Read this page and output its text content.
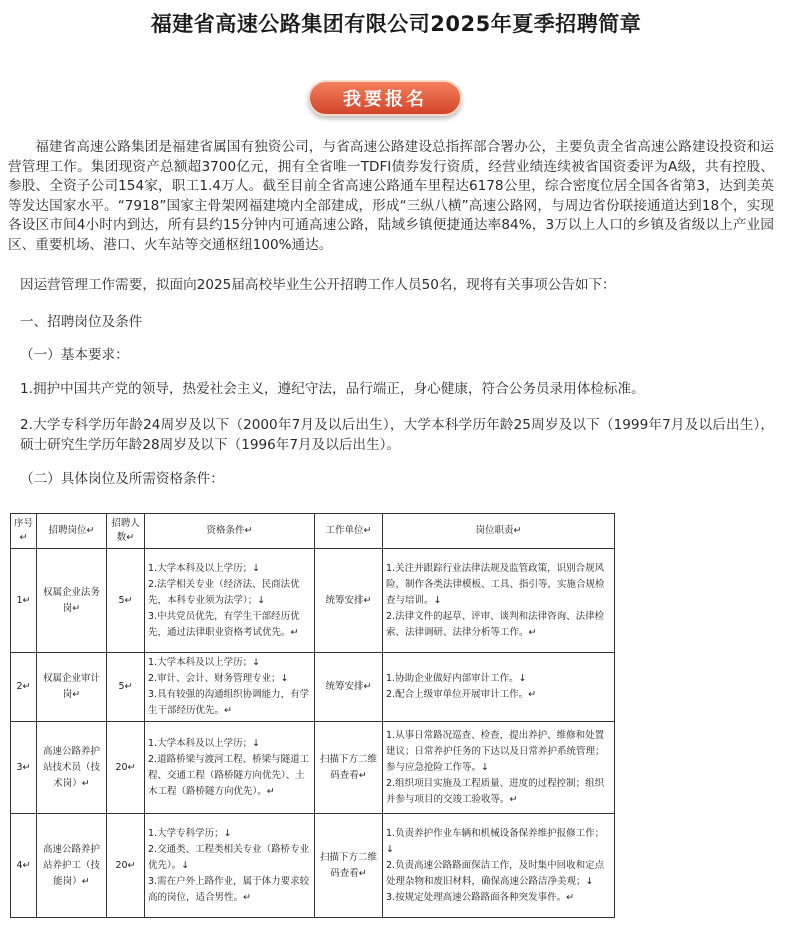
福建省高速公路集团有限公司2025年夏季招聘简章
我要报名

福建省高速公路集团是福建省属国有独资公司，与省高速公路建设总指挥部合署办公，主要负责全省高速公路建设投资和运营管理工作。集团现资产总额超3700亿元，拥有全省唯一TDFI债券发行资质，经营业绩连续被省国资委评为A级，共有控股、参股、全资子公司154家，职工1.4万人。截至目前全省高速公路通车里程达6178公里，综合密度位居全国各省第3，达到美英等发达国家水平。“7918”国家主骨架网福建境内全部建成，形成“三纵八横”高速公路网，与周边省份联接通道达到18个，实现各设区市间4小时内到达，所有县约15分钟内可通高速公路，陆域乡镇便捷通达率84%，3万以上人口的乡镇及省级以上产业园区、重要机场、港口、火车站等交通枢纽100%通达。

因运营管理工作需要，拟面向2025届高校毕业生公开招聘工作人员50名，现将有关事项公告如下：
一、招聘岗位及条件
（一）基本要求：
1.拥护中国共产党的领导，热爱社会主义，遵纪守法，品行端正，身心健康，符合公务员录用体检标准。

2.大学专科学历年龄24周岁及以下（2000年7月及以后出生），大学本科学历年龄25周岁及以下（1999年7月及以后出生），硕士研究生学历年龄28周岁及以下（1996年7月及以后出生）。

（二）具体岗位及所需资格条件：
序号↵	招聘岗位↵	招聘人数↵	资格条件↵	工作单位↵	岗位职责↵
1↵	权属企业法务岗↵	5↵	1.大学本科及以上学历；↓
2.法学相关专业（经济法、民商法优先，本科专业须为法学）；↓
3.中共党员优先，有学生干部经历优先，通过法律职业资格考试优先。↵	统筹安排↵	1.关注并跟踪行业法律法规及监管政策，识别合规风险，制作各类法律模板、工具、指引等，实施合规检查与培训。↓
2.法律文件的起草、评审、谈判和法律咨询、法律检索、法律调研、法律分析等工作。↵

2↵	权属企业审计岗↵	5↵	1.大学本科及以上学历；↓
2.审计、会计、财务管理专业；↓
3.具有较强的沟通组织协调能力，有学生干部经历优先。↵	统筹安排↵	1.协助企业做好内部审计工作。↓
2.配合上级审单位开展审计工作。↵

3↵	高速公路养护站技术员（技术岗）↵	20↵	1.大学本科及以上学历；↓
2.道路桥梁与渡河工程、桥梁与隧道工程、交通工程（路桥隧方向优先）、土木工程（路桥隧方向优先）。↵	扫描下方二维码查看↵	1.从事日常路况巡查、检查，提出养护、维修和处置建议；日常养护任务的下达以及日常养护系统管理；参与应急抢险工作等。↓
2.组织项目实施及工程质量、进度的过程控制；组织并参与项目的交竣工验收等。↵

4↵	高速公路养护站养护工（技能岗）↵	20↵	1.大学专科学历；↓
2.交通类、工程类相关专业（路桥专业优先）。↓
3.需在户外上路作业，属于体力要求较高的岗位，适合男性。↵	扫描下方二维码查看↵	1.负责养护作业车辆和机械设备保养维护报修工作；↓
2.负责高速公路路面保洁工作，及时集中回收和定点处理杂物和废旧材料，确保高速公路洁净美观；↓
3.按规定处理高速公路路面各种突发事件。↵
